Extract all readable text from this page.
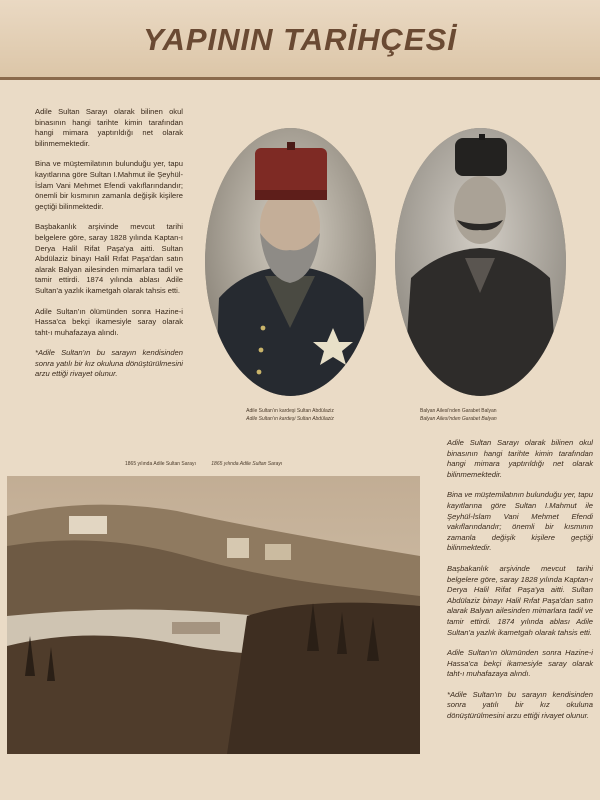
YAPININ TARİHÇESİ

Adile Sultan Sarayı olarak bilinen okul binasının hangi tarihte kimin tarafından hangi mimara yaptırıldığı net olarak bilinmemektedir.

Bina ve müştemilatının bulunduğu yer, tapu kayıtlarına göre Sultan I.Mahmut ile Şeyhül-İslam Vani Mehmet Efendi vakıflarındandır; önemli bir kısmının zamanla değişik kişilere geçtiği bilinmektedir.

Başbakanlık arşivinde mevcut tarihi belgelere göre, saray 1828 yılında Kaptan-ı Derya Halil Rifat Paşa'ya aitti. Sultan Abdülaziz binayı Halil Rıfat Paşa'dan satın alarak Balyan ailesinden mimarlara tadil ve tamir ettirdi. 1874 yılında ablası Adile Sultan'a yazlık ikametgah olarak tahsis etti.

Adile Sultan'ın ölümünden sonra Hazine-i Hassa'ca bekçi ikamesiyle saray olarak taht-ı muhafazaya alındı.

*Adile Sultan'ın bu sarayın kendisinden sonra yatılı bir kız okuluna dönüştürülmesini arzu ettiği rivayet olunur.

Adile Sultan'ın kardeşi Sultan Abdülaziz
Adile Sultan'ın kardeşi Sultan Abdülaziz
Balyan Ailesi'nden Garabet Balyan
Balyan Ailesi'nden Garabet Balyan
1865 yılında Adile Sultan Sarayı	1865 yılında Adile Sultan Sarayı

Adile Sultan Sarayı olarak bilinen okul binasının hangi tarihte kimin tarafından hangi mimara yaptırıldığı net olarak bilinmemektedir.

Bina ve müştemilatının bulunduğu yer, tapu kayıtlarına göre Sultan I.Mahmut ile Şeyhül-İslam Vani Mehmet Efendi vakıflarındandır; önemli bir kısmının zamanla değişik kişilere geçtiği bilinmektedir.

Başbakanlık arşivinde mevcut tarihi belgelere göre, saray 1828 yılında Kaptan-ı Derya Halil Rifat Paşa'ya aitti. Sultan Abdülaziz binayı Halil Rıfat Paşa'dan satın alarak Balyan ailesinden mimarlara tadil ve tamir ettirdi. 1874 yılında ablası Adile Sultan'a yazlık ikametgah olarak tahsis etti.

Adile Sultan'ın ölümünden sonra Hazine-i Hassa'ca bekçi ikamesiyle saray olarak taht-ı muhafazaya alındı.

*Adile Sultan'ın bu sarayın kendisinden sonra yatılı bir kız okuluna dönüştürülmesini arzu ettiği rivayet olunur.
